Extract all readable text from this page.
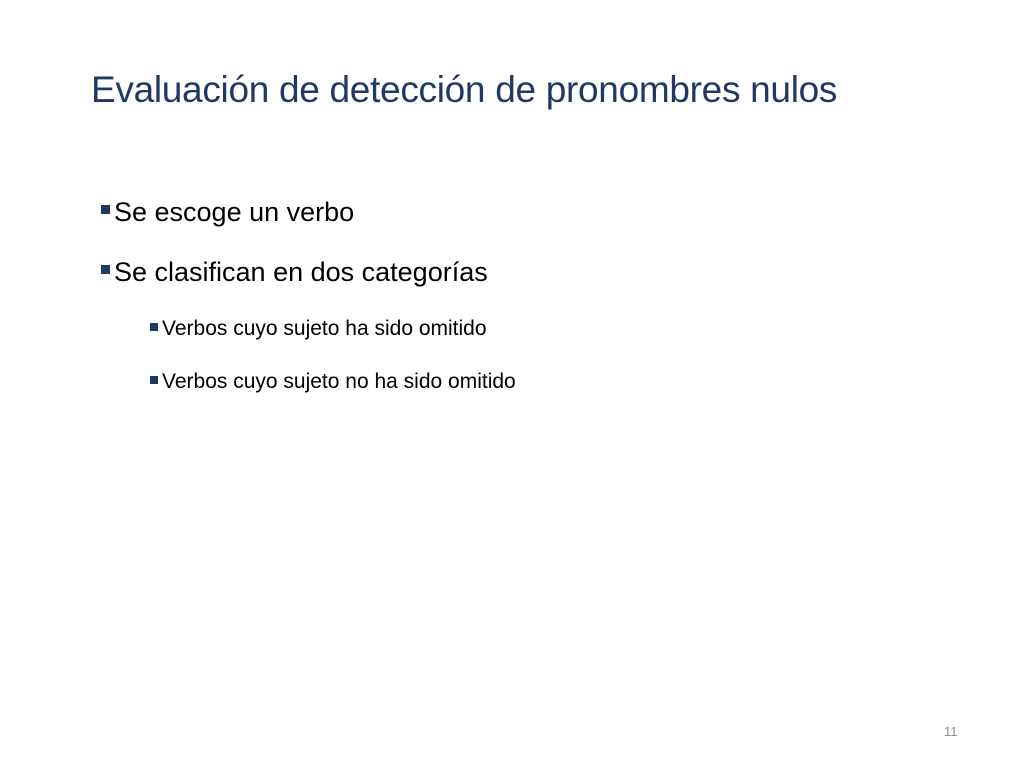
Evaluación de detección de pronombres nulos
Se escoge un verbo
Se clasifican en dos categorías
Verbos cuyo sujeto ha sido omitido
Verbos cuyo sujeto no ha sido omitido
11
